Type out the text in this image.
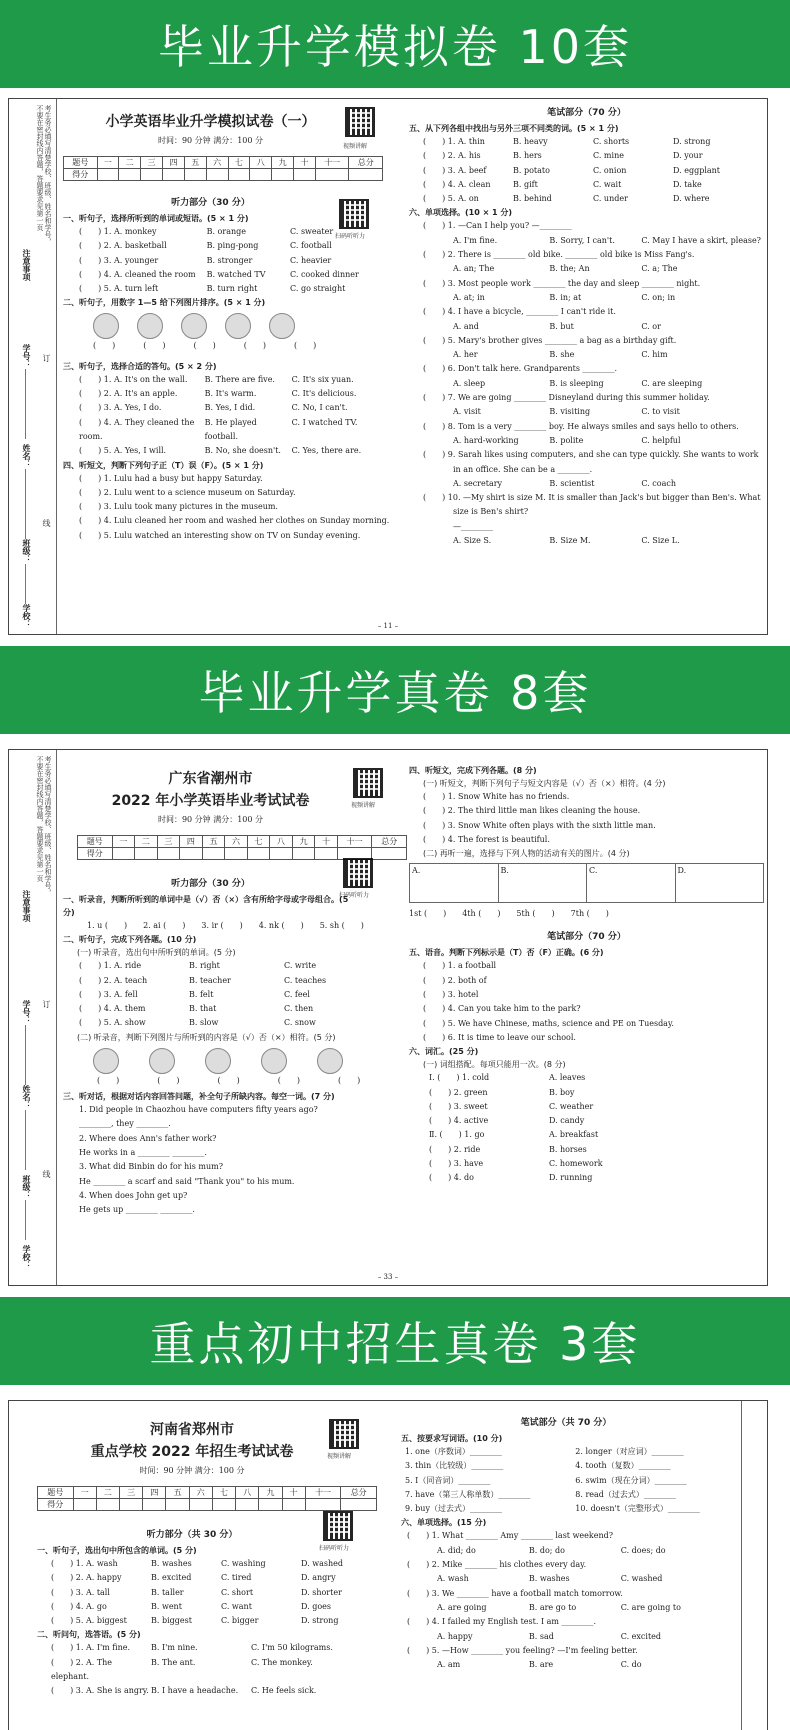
毕业升学模拟卷 10套
考生务必填写清楚学校、班级、姓名和学号，不要在密封线内答题，答题要求见第一页
注意事项
学号：
姓名：
班级：
学校：
订
线
小学英语毕业升学模拟试卷（一）
时间：90 分钟 满分：100 分
视频讲解
题号	一	二	三	四	五	六	七	八	九	十	十一	总分
得分												
扫码听听力
听力部分（30 分）
一、听句子，选择所听到的单词或短语。(5 × 1 分)
(　　) 1. A. monkey	B. orange	C. sweater
(　　) 2. A. basketball	B. ping-pong	C. football
(　　) 3. A. younger	B. stronger	C. heavier
(　　) 4. A. cleaned the room	B. watched TV	C. cooked dinner
(　　) 5. A. turn left	B. turn right	C. go straight
二、听句子，用数字 1—5 给下列图片排序。(5 × 1 分)
(　　)	(　　)	(　　)	(　　)	(　　)
三、听句子，选择合适的答句。(5 × 2 分)
(　　) 1. A. It's on the wall.	B. There are five.	C. It's six yuan.
(　　) 2. A. It's an apple.	B. It's warm.	C. It's delicious.
(　　) 3. A. Yes, I do.	B. Yes, I did.	C. No, I can't.
(　　) 4. A. They cleaned the room.
B. He played football.
C. I watched TV.
(　　) 5. A. Yes, I will.	B. No, she doesn't.	C. Yes, there are.
四、听短文，判断下列句子正（T）误（F）。(5 × 1 分)
(　　) 1. Lulu had a busy but happy Saturday.
(　　) 2. Lulu went to a science museum on Saturday.
(　　) 3. Lulu took many pictures in the museum.
(　　) 4. Lulu cleaned her room and washed her clothes on Sunday morning.
(　　) 5. Lulu watched an interesting show on TV on Sunday evening.
笔试部分（70 分）
五、从下列各组中找出与另外三项不同类的词。(5 × 1 分)
(　　) 1. A. thin	B. heavy	C. shorts	D. strong
(　　) 2. A. his	B. hers	C. mine	D. your
(　　) 3. A. beef	B. potato	C. onion	D. eggplant
(　　) 4. A. clean	B. gift	C. wait	D. take
(　　) 5. A. on	B. behind	C. under	D. where
六、单项选择。(10 × 1 分)
(　　) 1. —Can I help you? —________
A. I'm fine.	B. Sorry, I can't.	C. May I have a skirt, please?
(　　) 2. There is ________ old bike. ________ old bike is Miss Fang's.
A. an; The	B. the; An	C. a; The
(　　) 3. Most people work ________ the day and sleep ________ night.
A. at; in	B. in; at	C. on; in
(　　) 4. I have a bicycle, ________ I can't ride it.
A. and	B. but	C. or
(　　) 5. Mary's brother gives ________ a bag as a birthday gift.
A. her	B. she	C. him
(　　) 6. Don't talk here. Grandparents ________.
A. sleep	B. is sleeping	C. are sleeping
(　　) 7. We are going ________ Disneyland during this summer holiday.
A. visit	B. visiting	C. to visit
(　　) 8. Tom is a very ________ boy. He always smiles and says hello to others.
A. hard-working	B. polite	C. helpful
(　　) 9. Sarah likes using computers, and she can type quickly. She wants to work
in an office. She can be a ________.
A. secretary	B. scientist	C. coach
(　　) 10. —My shirt is size M. It is smaller than Jack's but bigger than Ben's. What
size is Ben's shirt?
—________
A. Size S.	B. Size M.	C. Size L.
– 11 –
毕业升学真卷 8套
考生务必填写清楚学校、班级、姓名和学号，不要在密封线内答题，答题要求见第一页
注意事项
学号：
姓名：
班级：
学校：
订
线
广东省潮州市
2022 年小学英语毕业考试试卷
时间：90 分钟 满分：100 分
视频讲解
题号	一	二	三	四	五	六	七	八	九	十	十一	总分
得分												
扫码听听力
听力部分（30 分）
一、听录音，判断所听到的单词中是（√）否（×）含有所给字母或字母组合。(5 分)
1. u (　　)　　2. ai (　　)　　3. ir (　　)　　4. nk (　　)　　5. sh (　　)
二、听句子，完成下列各题。(10 分)
(一) 听录音，选出句中所听到的单词。(5 分)
(　　) 1. A. ride	B. right	C. write
(　　) 2. A. teach	B. teacher	C. teaches
(　　) 3. A. fell	B. felt	C. feel
(　　) 4. A. them	B. that	C. then
(　　) 5. A. show	B. slow	C. snow
(二) 听录音，判断下列图片与所听到的内容是（√）否（×）相符。(5 分)
(　　)	(　　)	(　　)	(　　)	(　　)
三、听对话，根据对话内容回答问题，补全句子所缺内容。每空一词。(7 分)
1. Did people in Chaozhou have computers fifty years ago?
________, they ________.
2. Where does Ann's father work?
He works in a ________ ________.
3. What did Binbin do for his mum?
He ________ a scarf and said "Thank you" to his mum.
4. When does John get up?
He gets up ________ ________.
四、听短文，完成下列各题。(8 分)
(一) 听短文，判断下列句子与短文内容是（√）否（×）相符。(4 分)
(　　) 1. Snow White has no friends.
(　　) 2. The third little man likes cleaning the house.
(　　) 3. Snow White often plays with the sixth little man.
(　　) 4. The forest is beautiful.
(二) 再听一遍，选择与下列人物的活动有关的图片。(4 分)
A.	B.	C.	D.
1st (　　)　　4th (　　)　　5th (　　)　　7th (　　)
笔试部分（70 分）
五、语音。判断下列标示是（T）否（F）正确。(6 分)
(　　) 1. a football
(　　) 2. both of
(　　) 3. hotel
(　　) 4. Can you take him to the park?
(　　) 5. We have Chinese, maths, science and PE on Tuesday.
(　　) 6. It is time to leave our school.
六、词汇。(25 分)
(一) 词组搭配。每项只能用一次。(8 分)
Ⅰ. (　　) 1. cold	A. leaves
(　　) 2. green	B. boy
(　　) 3. sweet	C. weather
(　　) 4. active	D. candy
Ⅱ. (　　) 1. go	A. breakfast
(　　) 2. ride	B. horses
(　　) 3. have	C. homework
(　　) 4. do	D. running
– 33 –
重点初中招生真卷 3套
河南省郑州市
重点学校 2022 年招生考试试卷
时间：90 分钟 满分：100 分
视频讲解
题号	一	二	三	四	五	六	七	八	九	十	十一	总分
得分												
扫码听听力
听力部分（共 30 分）
一、听句子，选出句中所包含的单词。(5 分)
(　　) 1. A. wash	B. washes	C. washing	D. washed
(　　) 2. A. happy	B. excited	C. tired	D. angry
(　　) 3. A. tall	B. taller	C. short	D. shorter
(　　) 4. A. go	B. went	C. want	D. goes
(　　) 5. A. biggest	B. biggest	C. bigger	D. strong
二、听问句，选答语。(5 分)
(　　) 1. A. I'm fine.	B. I'm nine.	C. I'm 50 kilograms.
(　　) 2. A. The elephant.
B. The ant.	C. The monkey.
(　　) 3. A. She is angry. B. I have a headache.	C. He feels sick.
笔试部分（共 70 分）
五、按要求写词语。(10 分)
1. one（序数词）________	2. longer（对应词）________
3. thin（比较级）________	4. tooth（复数）________
5. I（同音词）________	6. swim（现在分词）________
7. have（第三人称单数）________	8. read（过去式）________
9. buy（过去式）________	10. doesn't（完整形式）________
六、单项选择。(15 分)
(　　) 1. What ________ Amy ________ last weekend?
A. did; do	B. do; do	C. does; do
(　　) 2. Mike ________ his clothes every day.
A. wash	B. washes	C. washed
(　　) 3. We ________ have a football match tomorrow.
A. are going	B. are go to	C. are going to
(　　) 4. I failed my English test. I am ________.
A. happy	B. sad	C. excited
(　　) 5. —How ________ you feeling? —I'm feeling better.
A. am	B. are	C. do
